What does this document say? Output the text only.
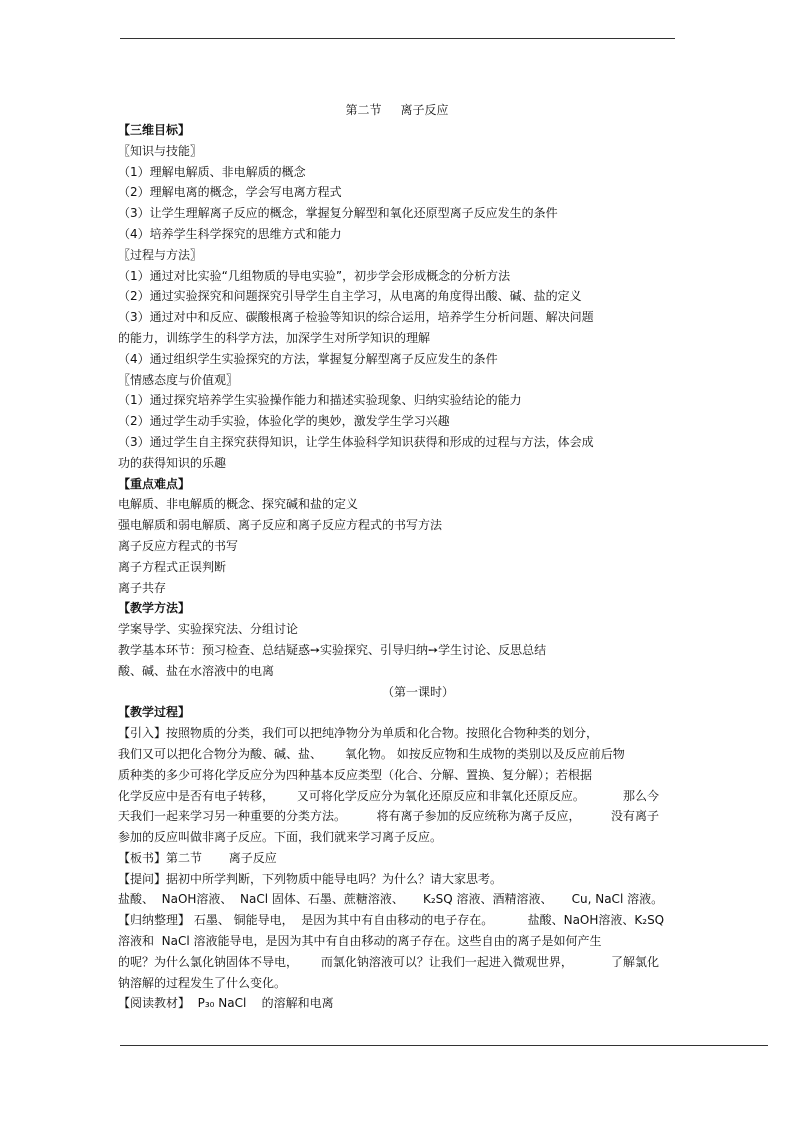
第二节     离子反应
【三维目标】
〖知识与技能〗
（1）理解电解质、非电解质的概念
（2）理解电离的概念，学会写电离方程式
（3）让学生理解离子反应的概念，掌握复分解型和氧化还原型离子反应发生的条件
（4）培养学生科学探究的思维方式和能力
〖过程与方法〗
（1）通过对比实验“几组物质的导电实验”，初步学会形成概念的分析方法
（2）通过实验探究和问题探究引导学生自主学习，从电离的角度得出酸、碱、盐的定义
（3）通过对中和反应、碳酸根离子检验等知识的综合运用，培养学生分析问题、解决问题
的能力，训练学生的科学方法，加深学生对所学知识的理解
（4）通过组织学生实验探究的方法，掌握复分解型离子反应发生的条件
〖情感态度与价值观〗
（1）通过探究培养学生实验操作能力和描述实验现象、归纳实验结论的能力
（2）通过学生动手实验，体验化学的奥妙，激发学生学习兴趣
（3）通过学生自主探究获得知识，让学生体验科学知识获得和形成的过程与方法，体会成
功的获得知识的乐趣
【重点难点】
电解质、非电解质的概念、探究碱和盐的定义
强电解质和弱电解质、离子反应和离子反应方程式的书写方法
离子反应方程式的书写
离子方程式正误判断
离子共存
【教学方法】
学案导学、实验探究法、分组讨论
教学基本环节：预习检查、总结疑惑➙实验探究、引导归纳➙学生讨论、反思总结
酸、碱、盐在水溶液中的电离
（第一课时）
【教学过程】
【引入】按照物质的分类，我们可以把纯净物分为单质和化合物。按照化合物种类的划分，
我们又可以把化合物分为酸、碱、盐、      氧化物。 如按反应物和生成物的类别以及反应前后物
质种类的多少可将化学反应分为四种基本反应类型（化合、分解、置换、复分解）；若根据
化学反应中是否有电子转移，      又可将化学反应分为氧化还原反应和非氧化还原反应。          那么今
天我们一起来学习另一种重要的分类方法。        将有离子参加的反应统称为离子反应，        没有离子
参加的反应叫做非离子反应。下面，我们就来学习离子反应。
【板书】第二节       离子反应
【提问】据初中所学判断，下列物质中能导电吗？为什么？请大家思考。
盐酸、  NaOH溶液、  NaCl 固体、石墨、蔗糖溶液、     K₂SQ 溶液、酒精溶液、     Cu, NaCl 溶液。
【归纳整理】 石墨、 铜能导电，  是因为其中有自由移动的电子存在。         盐酸、NaOH溶液、K₂SQ
溶液和  NaCl 溶液能导电，是因为其中有自由移动的离子存在。这些自由的离子是如何产生
的呢？为什么氯化钠固体不导电，      而氯化钠溶液可以？让我们一起进入微观世界，          了解氯化
钠溶解的过程发生了什么变化。
【阅读教材】  P₃₀ NaCl    的溶解和电离
